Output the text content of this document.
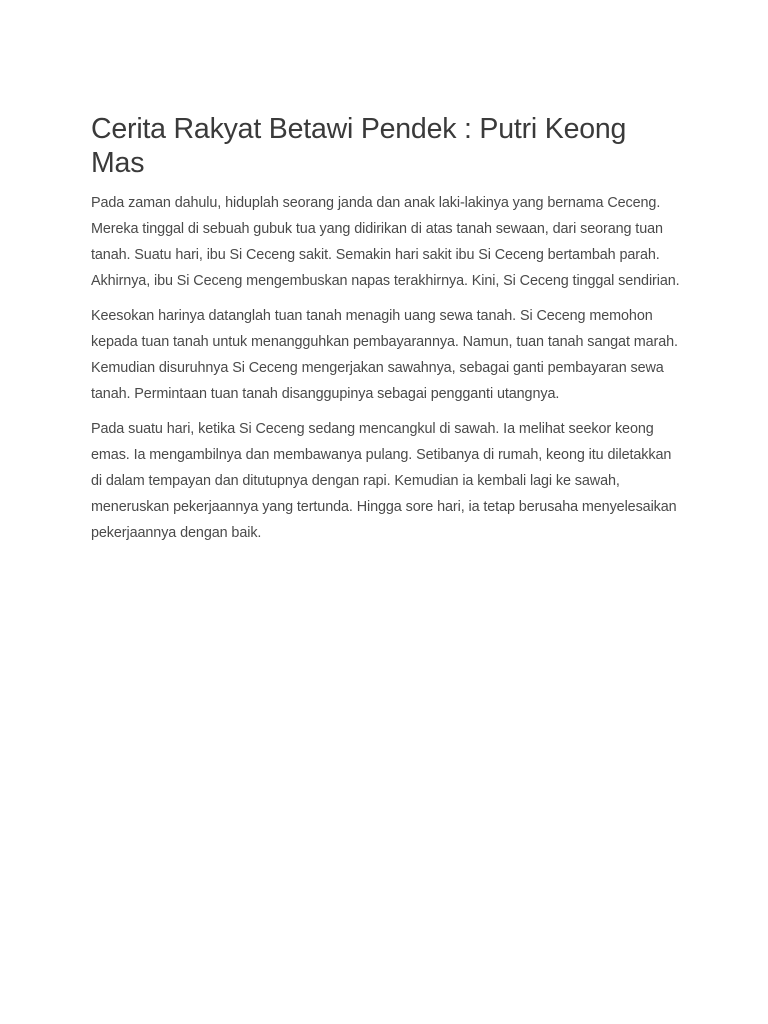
Cerita Rakyat Betawi Pendek : Putri Keong Mas

Pada zaman dahulu, hiduplah seorang janda dan anak laki-lakinya yang bernama Ceceng. Mereka tinggal di sebuah gubuk tua yang didirikan di atas tanah sewaan, dari seorang tuan tanah. Suatu hari, ibu Si Ceceng sakit. Semakin hari sakit ibu Si Ceceng bertambah parah. Akhirnya, ibu Si Ceceng mengembuskan napas terakhirnya. Kini, Si Ceceng tinggal sendirian.

Keesokan harinya datanglah tuan tanah menagih uang sewa tanah. Si Ceceng memohon kepada tuan tanah untuk menangguhkan pembayarannya. Namun, tuan tanah sangat marah. Kemudian disuruhnya Si Ceceng mengerjakan sawahnya, sebagai ganti pembayaran sewa tanah. Permintaan tuan tanah disanggupinya sebagai pengganti utangnya.

Pada suatu hari, ketika Si Ceceng sedang mencangkul di sawah. Ia melihat seekor keong emas. Ia mengambilnya dan membawanya pulang. Setibanya di rumah, keong itu diletakkan di dalam tempayan dan ditutupnya dengan rapi. Kemudian ia kembali lagi ke sawah, meneruskan pekerjaannya yang tertunda. Hingga sore hari, ia tetap berusaha menyelesaikan pekerjaannya dengan baik.
